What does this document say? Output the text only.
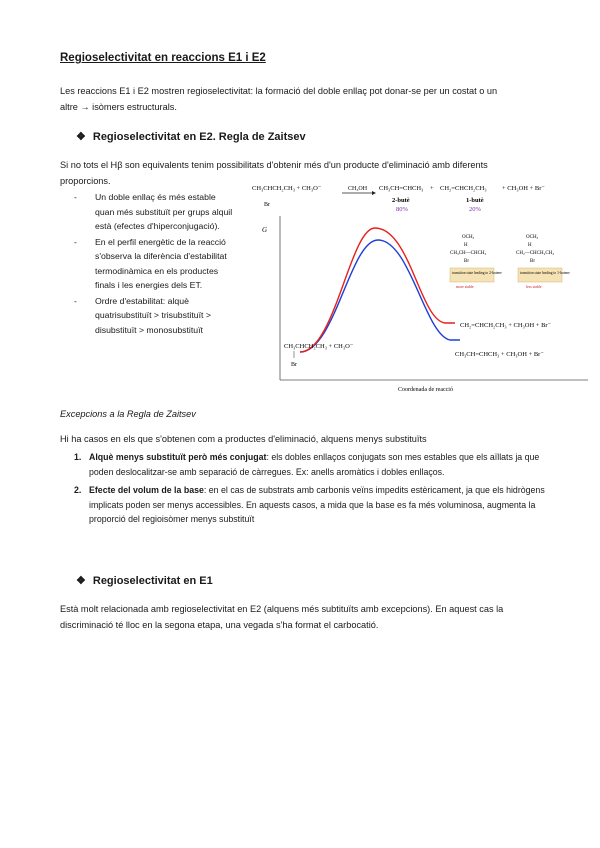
Regioselectivitat en reaccions E1 i E2
Les reaccions E1 i E2 mostren regioselectivitat: la formació del doble enllaç pot donar-se per un costat o un
altre → isòmers estructurals.
❖ Regioselectivitat en E2. Regla de Zaitsev
Si no tots el Hβ son equivalents tenim possibilitats d'obtenir més d'un producte d'eliminació amb diferents
proporcions.
- Un doble enllaç és més estable quan més substituït per grups alquil està (efectes d'hiperconjugació).
- En el perfil energètic de la reacció s'observa la diferència d'estabilitat termodinàmica en els productes finals i les energies dels ET.
- Ordre d'estabilitat: alquè quatrisubstituït > trisubstituït > disubstituït > monosubstituït
CH₃CHCH₂CH₃ + CH₃O⁻
Br
CH₃OH CH₃CH=CHCH₃ + CH₂=CHCH₂CH₃ + CH₃OH + Br⁻
2-butè
80%
1-butè
20%
G
Coordenada de reacció
CH₃CHCH₂CH₃ + CH₃O⁻
Br
CH₂=CHCH₂CH₃ + CH₃OH + Br⁻
CH₃CH=CHCH₃ + CH₃OH + Br⁻
OCH₃
H
CH₃CH—CHCH₃
Br
transition state leading to 2-butene
more stable
OCH₃
H
CH₂—CHCH₂CH₃
Br
transition state leading to 1-butene
less stable
Excepcions a la Regla de Zaitsev
Hi ha casos en els que s'obtenen com a productes d'eliminació, alquens menys substituïts
1. Alquè menys substituït però més conjugat: els dobles enllaços conjugats son mes estables que els aïllats ja que poden deslocalitzar-se amb separació de càrregues. Ex: anells aromàtics i dobles enllaços.
2. Efecte del volum de la base: en el cas de substrats amb carbonis veïns impedits estèricament, ja que els hidrògens implicats poden ser menys accessibles. En aquests casos, a mida que la base es fa més voluminosa, augmenta la proporció del regioisòmer menys substituït
❖ Regioselectivitat en E1
Està molt relacionada amb regioselectivitat en E2 (alquens més subtituïts amb excepcions). En aquest cas la
discriminació té lloc en la segona etapa, una vegada s'ha format el carbocatió.
